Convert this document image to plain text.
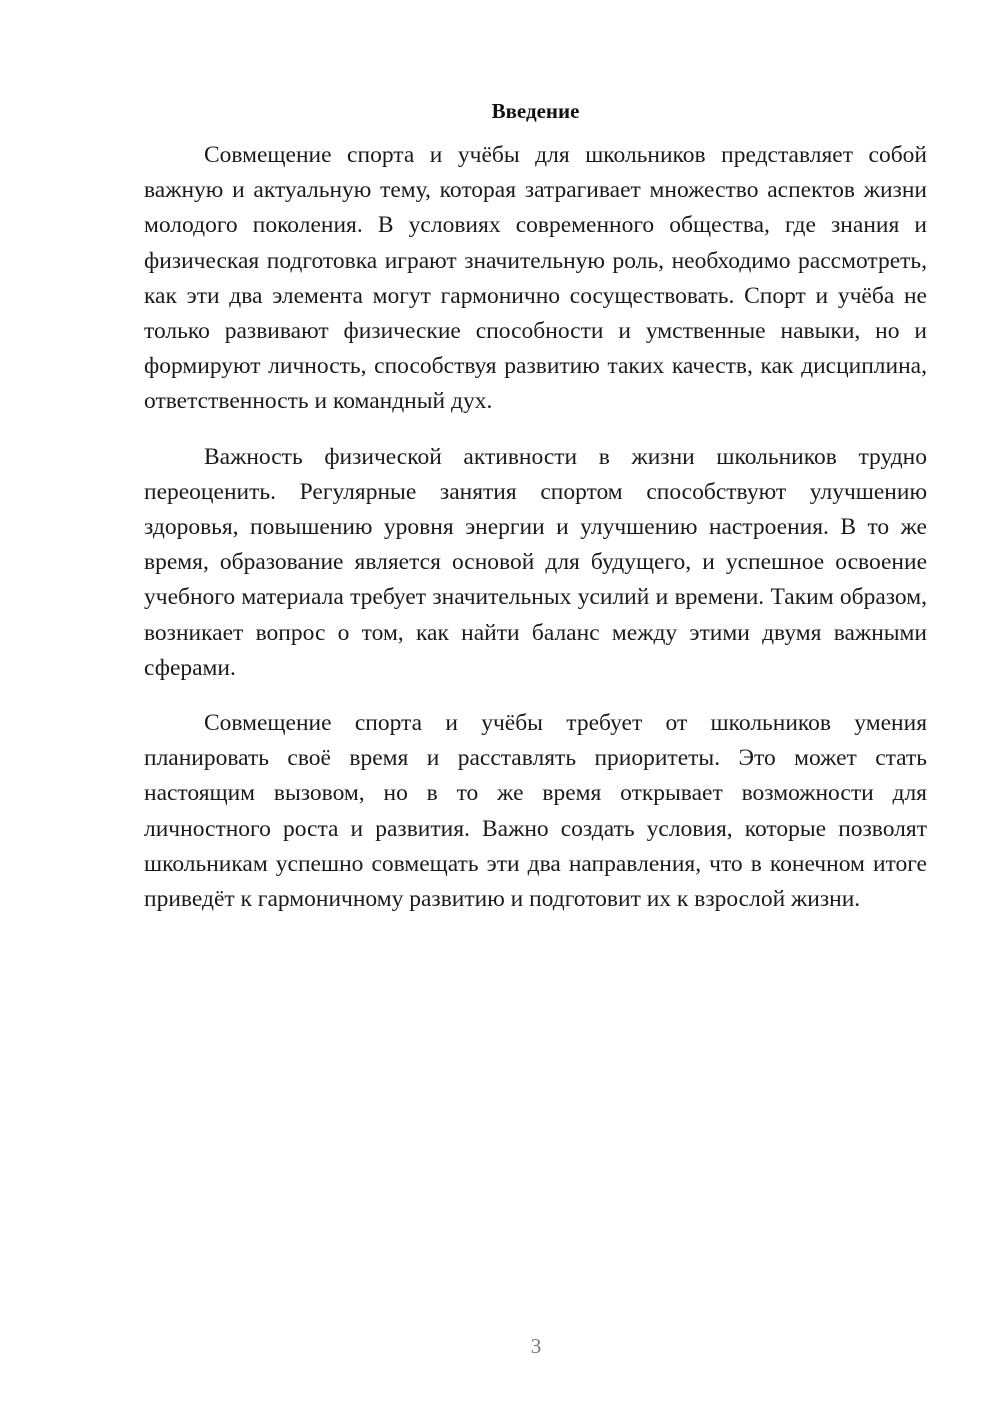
Введение

Совмещение спорта и учёбы для школьников представляет собой важную и актуальную тему, которая затрагивает множество аспектов жизни молодого поколения. В условиях современного общества, где знания и физическая подготовка играют значительную роль, необходимо рассмотреть, как эти два элемента могут гармонично сосуществовать. Спорт и учёба не только развивают физические способности и умственные навыки, но и формируют личность, способствуя развитию таких качеств, как дисциплина, ответственность и командный дух.

Важность физической активности в жизни школьников трудно переоценить. Регулярные занятия спортом способствуют улучшению здоровья, повышению уровня энергии и улучшению настроения. В то же время, образование является основой для будущего, и успешное освоение учебного материала требует значительных усилий и времени. Таким образом, возникает вопрос о том, как найти баланс между этими двумя важными сферами.

Совмещение спорта и учёбы требует от школьников умения планировать своё время и расставлять приоритеты. Это может стать настоящим вызовом, но в то же время открывает возможности для личностного роста и развития. Важно создать условия, которые позволят школьникам успешно совмещать эти два направления, что в конечном итоге приведёт к гармоничному развитию и подготовит их к взрослой жизни.

3
